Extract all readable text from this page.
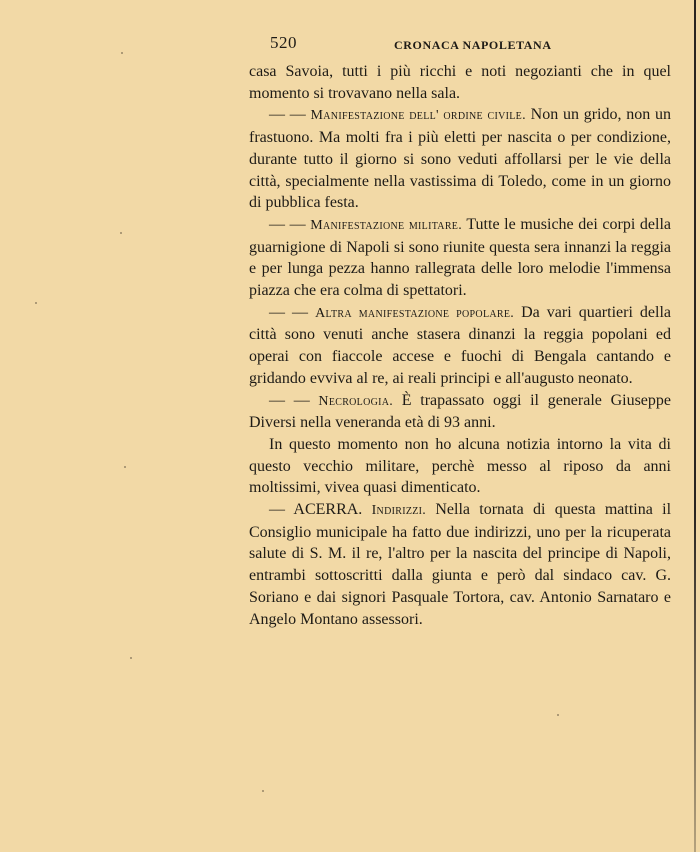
520	CRONACA NAPOLETANA

casa Savoia, tutti i più ricchi e noti negozianti che in quel momento si trovavano nella sala.

— — Manifestazione dell' ordine civile. Non un grido, non un frastuono. Ma molti fra i più eletti per nascita o per condizione, durante tutto il giorno si sono veduti affollarsi per le vie della città, specialmente nella vastissima di Toledo, come in un giorno di pubblica festa.

— — Manifestazione militare. Tutte le musiche dei corpi della guarnigione di Napoli si sono riunite questa sera innanzi la reggia e per lunga pezza hanno rallegrata delle loro melodie l'immensa piazza che era colma di spettatori.

— — Altra manifestazione popolare. Da vari quartieri della città sono venuti anche stasera dinanzi la reggia popolani ed operai con fiaccole accese e fuochi di Bengala cantando e gridando evviva al re, ai reali principi e all'augusto neonato.

— — Necrologia. È trapassato oggi il generale Giuseppe Diversi nella veneranda età di 93 anni.

In questo momento non ho alcuna notizia intorno la vita di questo vecchio militare, perchè messo al riposo da anni moltissimi, vivea quasi dimenticato.

— ACERRA. Indirizzi. Nella tornata di questa mattina il Consiglio municipale ha fatto due indirizzi, uno per la ricuperata salute di S. M. il re, l'altro per la nascita del principe di Napoli, entrambi sottoscritti dalla giunta e però dal sindaco cav. G. Soriano e dai signori Pasquale Tortora, cav. Antonio Sarnataro e Angelo Montano assessori.
